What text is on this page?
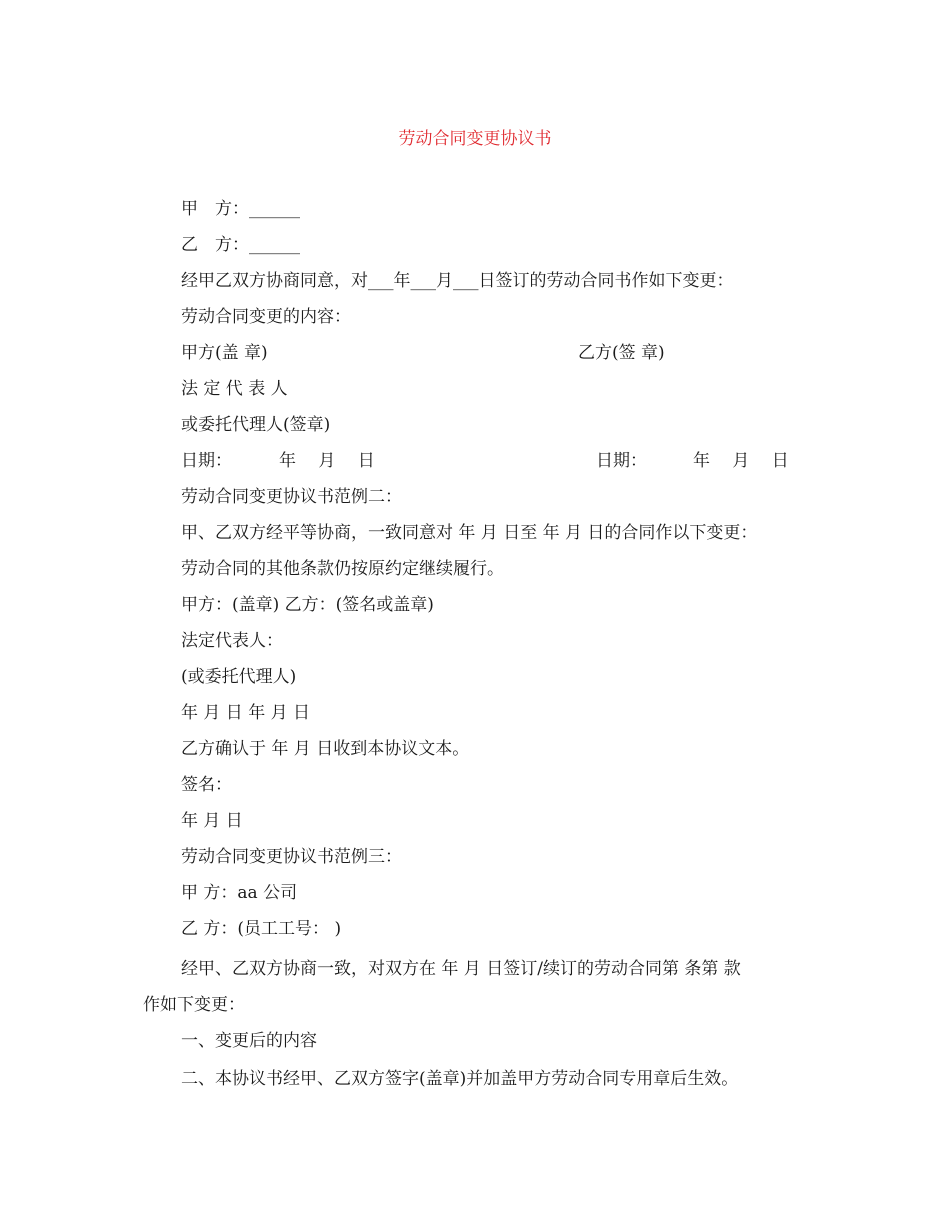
劳动合同变更协议书
甲　方：______
乙　方：______
经甲乙双方协商同意，对___年___月___日签订的劳动合同书作如下变更：
劳动合同变更的内容：
甲方(盖 章)	乙方(签 章)
法 定 代 表 人
或委托代理人(签章)
日期：	年　 月　 日	日期：	年　 月　 日
劳动合同变更协议书范例二：
甲、乙双方经平等协商，一致同意对 年 月 日至 年 月 日的合同作以下变更：
劳动合同的其他条款仍按原约定继续履行。
甲方：(盖章) 乙方：(签名或盖章)
法定代表人：
(或委托代理人)
年 月 日 年 月 日
乙方确认于 年 月 日收到本协议文本。
签名：
年 月 日
劳动合同变更协议书范例三：
甲 方：aa 公司
乙 方：(员工工号： )
经甲、乙双方协商一致，对双方在 年 月 日签订/续订的劳动合同第 条第 款
作如下变更：
一、变更后的内容
二、本协议书经甲、乙双方签字(盖章)并加盖甲方劳动合同专用章后生效。
